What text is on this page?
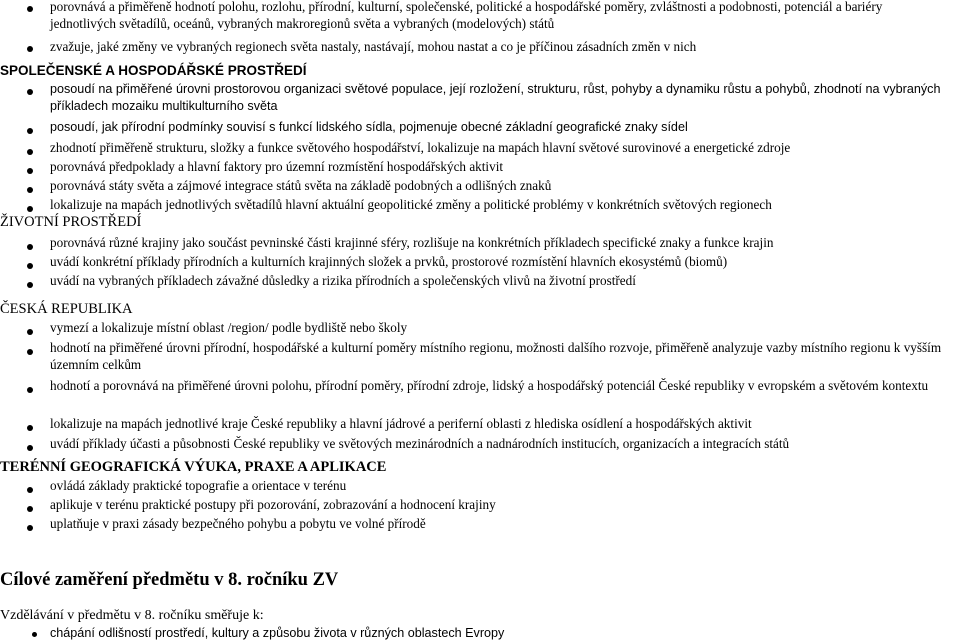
porovnává a přiměřeně hodnotí polohu, rozlohu, přírodní, kulturní, společenské, politické a hospodářské poměry, zvláštnosti a podobnosti, potenciál a bariéry jednotlivých světadílů, oceánů, vybraných makroregionů světa a vybraných (modelových) států
zvažuje, jaké změny ve vybraných regionech světa nastaly, nastávají, mohou nastat a co je příčinou zásadních změn v nich
SPOLEČENSKÉ A HOSPODÁŘSKÉ PROSTŘEDÍ
posoudí na přiměřené úrovni prostorovou organizaci světové populace, její rozložení, strukturu, růst, pohyby a dynamiku růstu a pohybů, zhodnotí na vybraných příkladech mozaiku multikulturního světa
posoudí, jak přírodní podmínky souvisí s funkcí lidského sídla, pojmenuje obecné základní geografické znaky sídel
zhodnotí přiměřeně strukturu, složky a funkce světového hospodářství, lokalizuje na mapách hlavní světové surovinové a energetické zdroje
porovnává předpoklady a hlavní faktory pro územní rozmístění hospodářských aktivit
porovnává státy světa a zájmové integrace států světa na základě podobných a odlišných znaků
lokalizuje na mapách jednotlivých světadílů hlavní aktuální geopolitické změny a politické problémy v konkrétních světových regionech
ŽIVOTNÍ PROSTŘEDÍ
porovnává různé krajiny jako součást pevninské části krajinné sféry, rozlišuje na konkrétních příkladech specifické znaky a funkce krajin
uvádí konkrétní příklady přírodních a kulturních krajinných složek a prvků, prostorové rozmístění hlavních ekosystémů (biomů)
uvádí na vybraných příkladech závažné důsledky a rizika přírodních a společenských vlivů na životní prostředí
ČESKÁ REPUBLIKA
vymezí a lokalizuje místní oblast /region/ podle bydliště nebo školy
hodnotí na přiměřené úrovni přírodní, hospodářské a kulturní poměry místního regionu, možnosti dalšího rozvoje, přiměřeně analyzuje vazby místního regionu k vyšším územním celkům
hodnotí a porovnává na přiměřené úrovni polohu, přírodní poměry, přírodní zdroje, lidský a hospodářský potenciál České republiky v evropském a světovém kontextu
lokalizuje na mapách jednotlivé kraje České republiky a hlavní jádrové a periferní oblasti z hlediska osídlení a hospodářských aktivit
uvádí příklady účasti a působnosti České republiky ve světových mezinárodních a nadnárodních institucích, organizacích a integracích států
TERÉNNÍ GEOGRAFICKÁ VÝUKA, PRAXE A APLIKACE
ovládá základy praktické topografie a orientace v terénu
aplikuje v terénu praktické postupy při pozorování, zobrazování a hodnocení krajiny
uplatňuje v praxi zásady bezpečného pohybu a pobytu ve volné přírodě
Cílové zaměření předmětu v 8. ročníku ZV
Vzdělávání v předmětu v 8. ročníku směřuje k:
chápání odlišností prostředí, kultury a způsobu života v různých oblastech Evropy
